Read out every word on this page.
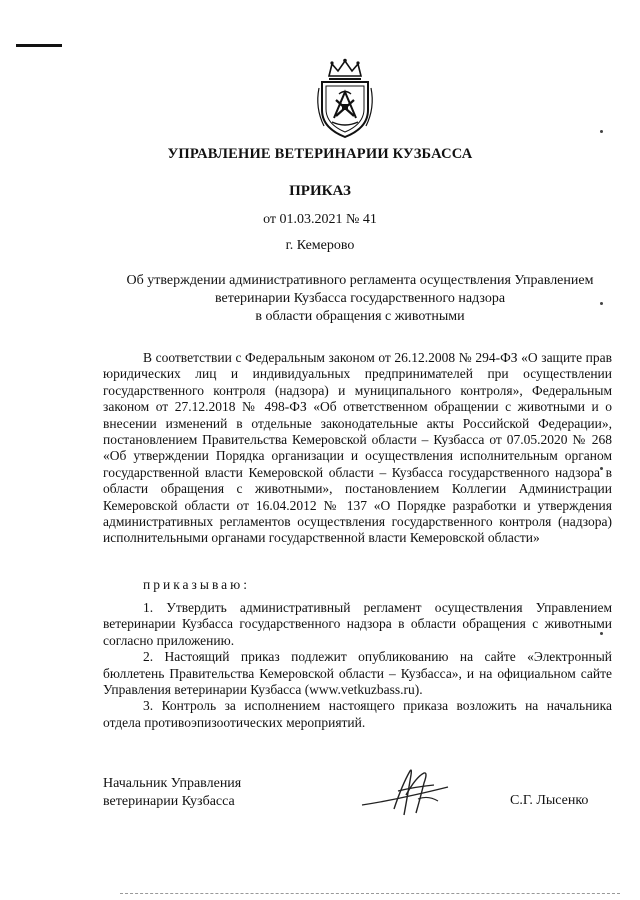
УПРАВЛЕНИЕ ВЕТЕРИНАРИИ КУЗБАССА
ПРИКАЗ
от 01.03.2021 № 41
г. Кемерово
Об утверждении административного регламента осуществления Управлением
ветеринарии Кузбасса государственного надзора
в области обращения с животными
В соответствии с Федеральным законом от 26.12.2008 № 294-ФЗ «О защите прав юридических лиц и индивидуальных предпринимателей при осуществлении государственного контроля (надзора) и муниципального контроля», Федеральным законом от 27.12.2018 № 498-ФЗ «Об ответственном обращении с животными и о внесении изменений в отдельные законодательные акты Российской Федерации», постановлением Правительства Кемеровской области – Кузбасса от 07.05.2020 № 268 «Об утверждении Порядка организации и осуществления исполнительным органом государственной власти Кемеровской области – Кузбасса государственного надзора в области обращения с животными», постановлением Коллегии Администрации Кемеровской области от 16.04.2012 № 137 «О Порядке разработки и утверждения административных регламентов осуществления государственного контроля (надзора) исполнительными органами государственной власти Кемеровской области»
приказываю:

1. Утвердить административный регламент осуществления Управлением ветеринарии Кузбасса государственного надзора в области обращения с животными согласно приложению.

2. Настоящий приказ подлежит опубликованию на сайте «Электронный бюллетень Правительства Кемеровской области – Кузбасса», и на официальном сайте Управления ветеринарии Кузбасса (www.vetkuzbass.ru).

3. Контроль за исполнением настоящего приказа возложить на начальника отдела противоэпизоотических мероприятий.

Начальник Управления
ветеринарии Кузбасса	С.Г. Лысенко
